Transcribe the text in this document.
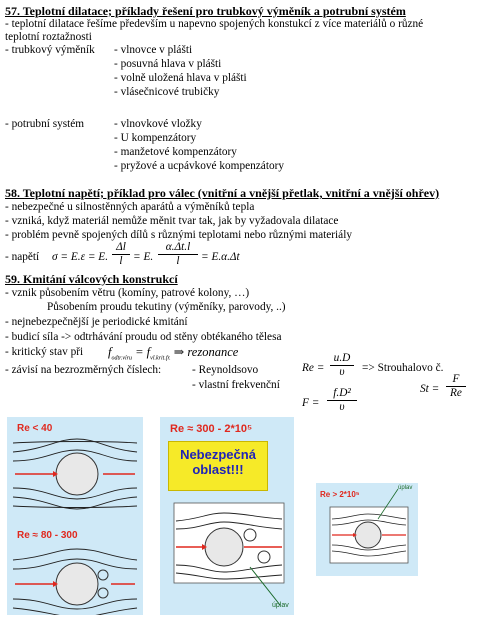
57. Teplotní dilatace; příklady řešení pro trubkový výměník a potrubní systém
- teplotní dilatace řešíme především u napevno spojených konstukcí z více materiálů o různé
teplotní roztažnosti
- trubkový výměník - vlnovce v plášti
- posuvná hlava v plášti
- volně uložená hlava v plášti
- vlásečnicové trubičky
- potrubní systém	- vlnovkové vložky
- U kompenzátory
- manžetové kompenzátory
- pryžové a ucpávkové kompenzátory
58. Teplotní napětí; příklad pro válec (vnitřní a vnější přetlak, vnitřní a vnější ohřev)
- nebezpečné u silnostěnných aparátů a výměníků tepla
- vzniká, když materiál nemůže měnit tvar tak, jak by vyžadovala dilatace
- problém pevně spojených dílů s různými teplotami nebo různými materiály
- napětí σ = E.ε = E. $\frac{\Delta l}{l} = E$. $\frac{\alpha.\Delta t.l}{l} = E.\alpha.\Delta t$
59. Kmitání válcových konstrukcí
- vznik působením větru (komíny, patrové kolony, …)
Působením proudu tekutiny (výměníky, parovody, ..)
- nejnebezpečnější je periodické kmitání
- budicí síla -> odtrhávání proudu od stěny obtékaného tělesa
- kritický stav při $f_{odtr.víru} = f_{vl.krit.fr.}$ ⇒ rezonance
- závisí na bezrozměrných číslech:	- Reynoldsovo
- vlastní frekvenční
$Re = \frac{u.D}{\upsilon}$ => Strouhalovo č.
$F = \frac{\text{f.D²}}{\upsilon}$	$St = \frac{F}{Re}$
Re < 40
Re ≈ 80 - 300
Re ≈ 300 - 2*10⁵
Nebezpečná
oblast!!!
úplav
Re > 2*10⁵
úplav
